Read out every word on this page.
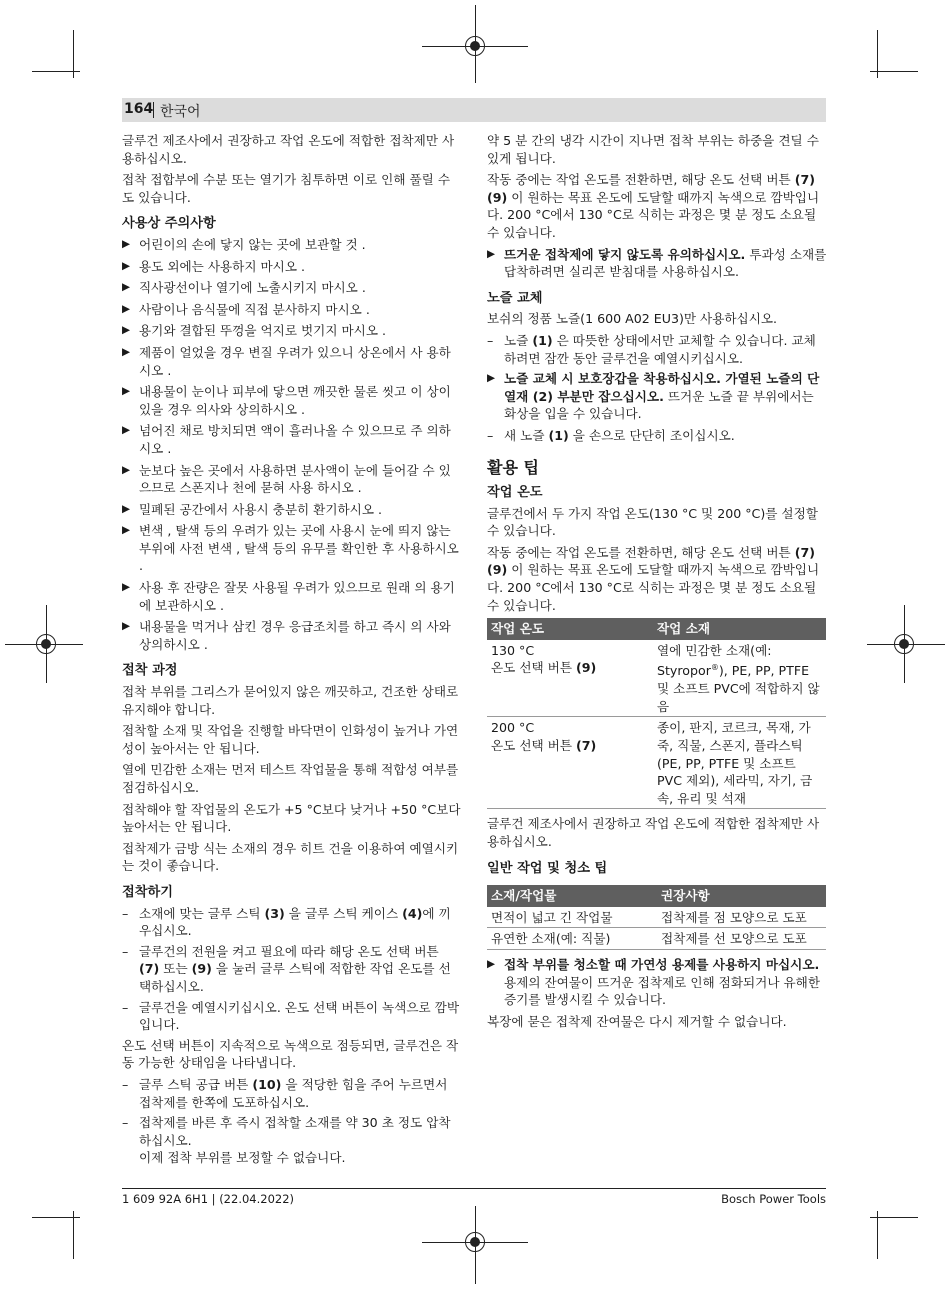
164 한국어

글루건 제조사에서 권장하고 작업 온도에 적합한 접착제만 사용하십시오.

접착 접합부에 수분 또는 열기가 침투하면 이로 인해 풀릴 수도 있습니다.

사용상 주의사항
▶ 어린이의 손에 닿지 않는 곳에 보관할 것 .
▶ 용도 외에는 사용하지 마시오 .
▶ 직사광선이나 열기에 노출시키지 마시오 .
▶ 사람이나 음식물에 직접 분사하지 마시오 .
▶ 용기와 결합된 뚜껑을 억지로 벗기지 마시오 .
▶ 제품이 얼었을 경우 변질 우려가 있으니 상온에서 사 용하시오 .
▶ 내용물이 눈이나 피부에 닿으면 깨끗한 물론 씻고 이 상이 있을 경우 의사와 상의하시오 .
▶ 넘어진 채로 방치되면 액이 흘러나올 수 있으므로 주 의하시오 .
▶ 눈보다 높은 곳에서 사용하면 분사액이 눈에 들어갈 수 있으므로 스폰지나 천에 묻혀 사용 하시오 .
▶ 밀폐된 공간에서 사용시 충분히 환기하시오 .
▶ 변색 , 탈색 등의 우려가 있는 곳에 사용시 눈에 띄지 않는 부위에 사전 변색 , 탈색 등의 유무를 확인한 후 사용하시오 .
▶ 사용 후 잔량은 잘못 사용될 우려가 있으므로 원래 의 용기에 보관하시오 .
▶ 내용물을 먹거나 삼킨 경우 응급조치를 하고 즉시 의 사와 상의하시오 .
접착 과정

접착 부위를 그리스가 묻어있지 않은 깨끗하고, 건조한 상태로 유지해야 합니다.

접착할 소재 및 작업을 진행할 바닥면이 인화성이 높거나 가연성이 높아서는 안 됩니다.

열에 민감한 소재는 먼저 테스트 작업물을 통해 적합성 여부를 점검하십시오.

접착해야 할 작업물의 온도가 +5 °C보다 낮거나 +50 °C보다 높아서는 안 됩니다.

접착제가 금방 식는 소재의 경우 히트 건을 이용하여 예열시키는 것이 좋습니다.

접착하기
– 소재에 맞는 글루 스틱 (3) 을 글루 스틱 케이스 (4)에 끼우십시오.
– 글루건의 전원을 켜고 필요에 따라 해당 온도 선택 버튼 (7) 또는 (9) 을 눌러 글루 스틱에 적합한 작업 온도를 선택하십시오.
– 글루건을 예열시키십시오. 온도 선택 버튼이 녹색으로 깜박입니다.

온도 선택 버튼이 지속적으로 녹색으로 점등되면, 글루건은 작동 가능한 상태임을 나타냅니다.

– 글루 스틱 공급 버튼 (10) 을 적당한 힘을 주어 누르면서 접착제를 한쪽에 도포하십시오.
– 접착제를 바른 후 즉시 접착할 소재를 약 30 초 정도 압착하십시오.
이제 접착 부위를 보정할 수 없습니다.

약 5 분 간의 냉각 시간이 지나면 접착 부위는 하중을 견딜 수 있게 됩니다.

작동 중에는 작업 온도를 전환하면, 해당 온도 선택 버튼 (7) (9) 이 원하는 목표 온도에 도달할 때까지 녹색으로 깜박입니다. 200 °C에서 130 °C로 식히는 과정은 몇 분 정도 소요될 수 있습니다.

▶ 뜨거운 접착제에 닿지 않도록 유의하십시오. 투과성 소재를 답착하려면 실리콘 받침대를 사용하십시오.
노즐 교체

보쉬의 정품 노즐(1 600 A02 EU3)만 사용하십시오.

– 노즐 (1) 은 따뜻한 상태에서만 교체할 수 있습니다. 교체하려면 잠깐 동안 글루건을 예열시키십시오.
▶ 노즐 교체 시 보호장갑을 착용하십시오. 가열된 노즐의 단열재 (2) 부분만 잡으십시오. 뜨거운 노즐 끝 부위에서는 화상을 입을 수 있습니다.
– 새 노즐 (1) 을 손으로 단단히 조이십시오.
활용 팁
작업 온도

글루건에서 두 가지 작업 온도(130 °C 및 200 °C)를 설정할 수 있습니다.

작동 중에는 작업 온도를 전환하면, 해당 온도 선택 버튼 (7) (9) 이 원하는 목표 온도에 도달할 때까지 녹색으로 깜박입니다. 200 °C에서 130 °C로 식히는 과정은 몇 분 정도 소요될 수 있습니다.

작업 온도	작업 소재

130 °C
온도 선택 버튼 (9)	열에 민감한 소재(예: Styropor®), PE, PP, PTFE 및 소프트 PVC에 적합하지 않음

200 °C
온도 선택 버튼 (7)	종이, 판지, 코르크, 목재, 가죽, 직물, 스폰지, 플라스틱(PE, PP, PTFE 및 소프트 PVC 제외), 세라믹, 자기, 금속, 유리 및 석재

글루건 제조사에서 권장하고 작업 온도에 적합한 접착제만 사용하십시오.

일반 작업 및 청소 팁
소재/작업물	권장사항
면적이 넓고 긴 작업물	접착제를 점 모양으로 도포
유연한 소재(예: 직물)	접착제를 선 모양으로 도포
▶ 접착 부위를 청소할 때 가연성 용제를 사용하지 마십시오. 용제의 잔여물이 뜨거운 접착제로 인해 점화되거나 유해한 증기를 발생시킬 수 있습니다.

복장에 묻은 접착제 잔여물은 다시 제거할 수 없습니다.

1 609 92A 6H1 | (22.04.2022)	Bosch Power Tools
